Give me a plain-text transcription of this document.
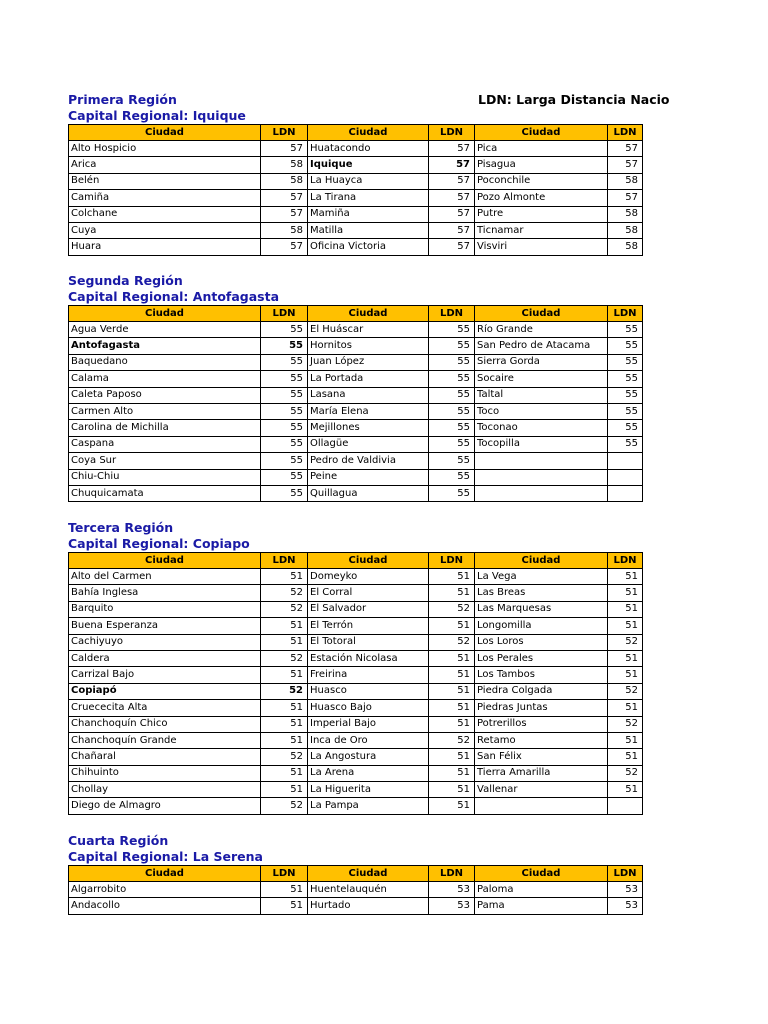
LDN: Larga Distancia Nacio
Primera Región
Capital Regional: Iquique
Ciudad	LDN	Ciudad	LDN	Ciudad	LDN
Alto Hospicio	57	Huatacondo	57	Pica	57
Arica	58	Iquique	57	Pisagua	57
Belén	58	La Huayca	57	Poconchile	58
Camiña	57	La Tirana	57	Pozo Almonte	57
Colchane	57	Mamiña	57	Putre	58
Cuya	58	Matilla	57	Ticnamar	58
Huara	57	Oficina Victoria	57	Visviri	58
Segunda Región
Capital Regional: Antofagasta
Ciudad	LDN	Ciudad	LDN	Ciudad	LDN
Agua Verde	55	El Huáscar	55	Río Grande	55
Antofagasta	55	Hornitos	55	San Pedro de Atacama	55
Baquedano	55	Juan López	55	Sierra Gorda	55
Calama	55	La Portada	55	Socaire	55
Caleta Paposo	55	Lasana	55	Taltal	55
Carmen Alto	55	María Elena	55	Toco	55
Carolina de Michilla	55	Mejillones	55	Toconao	55
Caspana	55	Ollagüe	55	Tocopilla	55
Coya Sur	55	Pedro de Valdivia	55		
Chiu-Chiu	55	Peine	55		
Chuquicamata	55	Quillagua	55		
Tercera Región
Capital Regional: Copiapo
Ciudad	LDN	Ciudad	LDN	Ciudad	LDN
Alto del Carmen	51	Domeyko	51	La Vega	51
Bahía Inglesa	52	El Corral	51	Las Breas	51
Barquito	52	El Salvador	52	Las Marquesas	51
Buena Esperanza	51	El Terrón	51	Longomilla	51
Cachiyuyo	51	El Totoral	52	Los Loros	52
Caldera	52	Estación Nicolasa	51	Los Perales	51
Carrizal Bajo	51	Freirina	51	Los Tambos	51
Copiapó	52	Huasco	51	Piedra Colgada	52
Cruececita Alta	51	Huasco Bajo	51	Piedras Juntas	51
Chanchoquín Chico	51	Imperial Bajo	51	Potrerillos	52
Chanchoquín Grande	51	Inca de Oro	52	Retamo	51
Chañaral	52	La Angostura	51	San Félix	51
Chihuinto	51	La Arena	51	Tierra Amarilla	52
Chollay	51	La Higuerita	51	Vallenar	51
Diego de Almagro	52	La Pampa	51		
Cuarta Región
Capital Regional: La Serena
Ciudad	LDN	Ciudad	LDN	Ciudad	LDN
Algarrobito	51	Huentelauquén	53	Paloma	53
Andacollo	51	Hurtado	53	Pama	53
